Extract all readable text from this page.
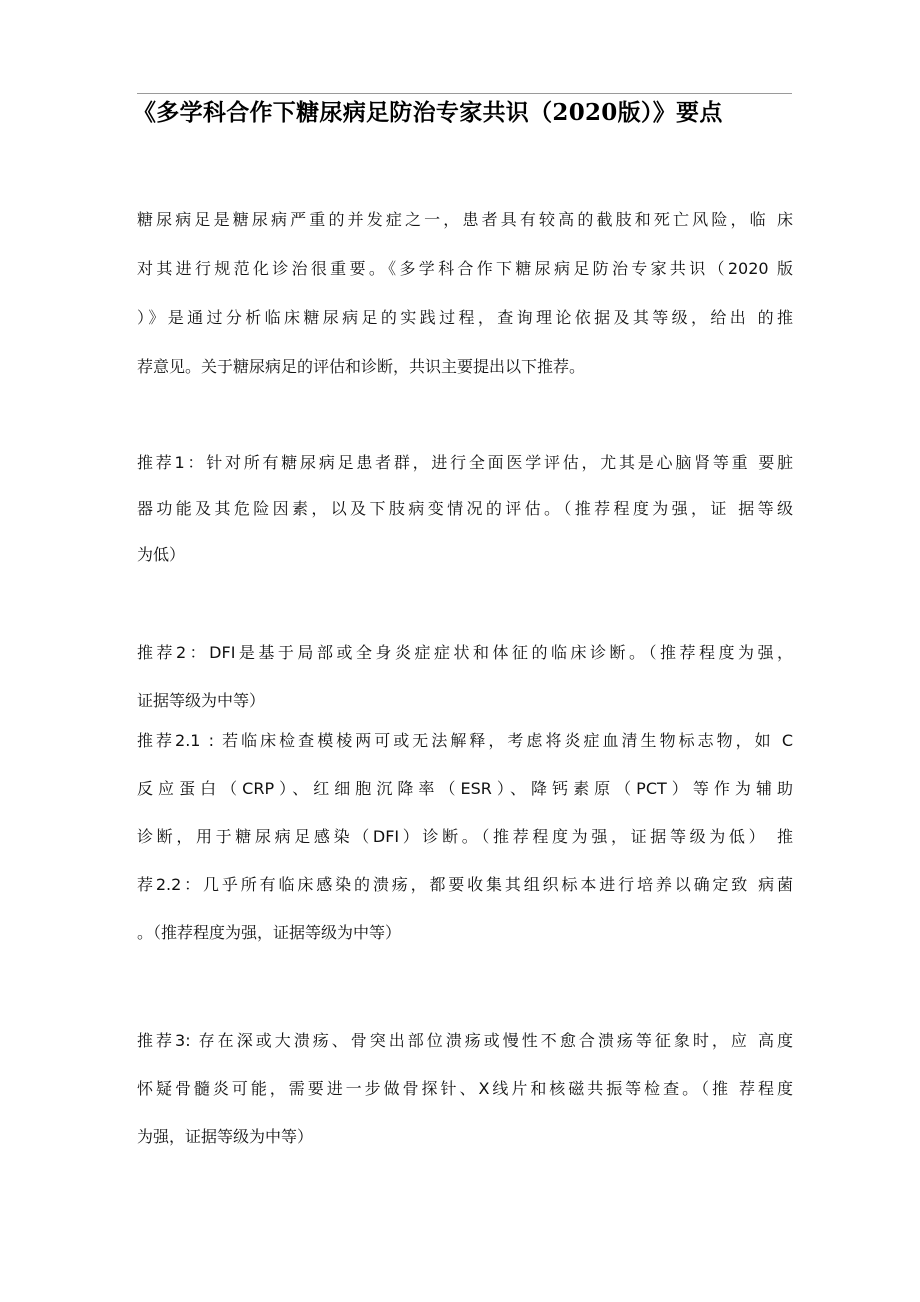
《多学科合作下糖尿病足防治专家共识（2020版）》要点
糖尿病足是糖尿病严重的并发症之一，患者具有较高的截肢和死亡风险，临 床
对其进行规范化诊治很重要。《多学科合作下糖尿病足防治专家共识（2020 版
）》是通过分析临床糖尿病足的实践过程，查询理论依据及其等级，给出 的推
荐意见。关于糖尿病足的评估和诊断，共识主要提出以下推荐。
推荐1：针对所有糖尿病足患者群，进行全面医学评估，尤其是心脑肾等重 要脏
器功能及其危险因素，以及下肢病变情况的评估。（推荐程度为强，证 据等级
为低）
推荐2：DFI是基于局部或全身炎症症状和体征的临床诊断。（推荐程度为强，
证据等级为中等）
推荐2.1 : 若临床检查模棱两可或无法解释，考虑将炎症血清生物标志物，如 C
反应蛋白（CRP）、红细胞沉降率（ESR）、降钙素原（PCT）等作为辅助
诊断，用于糖尿病足感染（DFI）诊断。（推荐程度为强，证据等级为低） 推
荐2.2：几乎所有临床感染的溃疡，都要收集其组织标本进行培养以确定致 病菌
。（推荐程度为强，证据等级为中等）
推荐3: 存在深或大溃疡、骨突出部位溃疡或慢性不愈合溃疡等征象时，应 高度
怀疑骨髓炎可能，需要进一步做骨探针、X线片和核磁共振等检查。（推 荐程度
为强，证据等级为中等）
